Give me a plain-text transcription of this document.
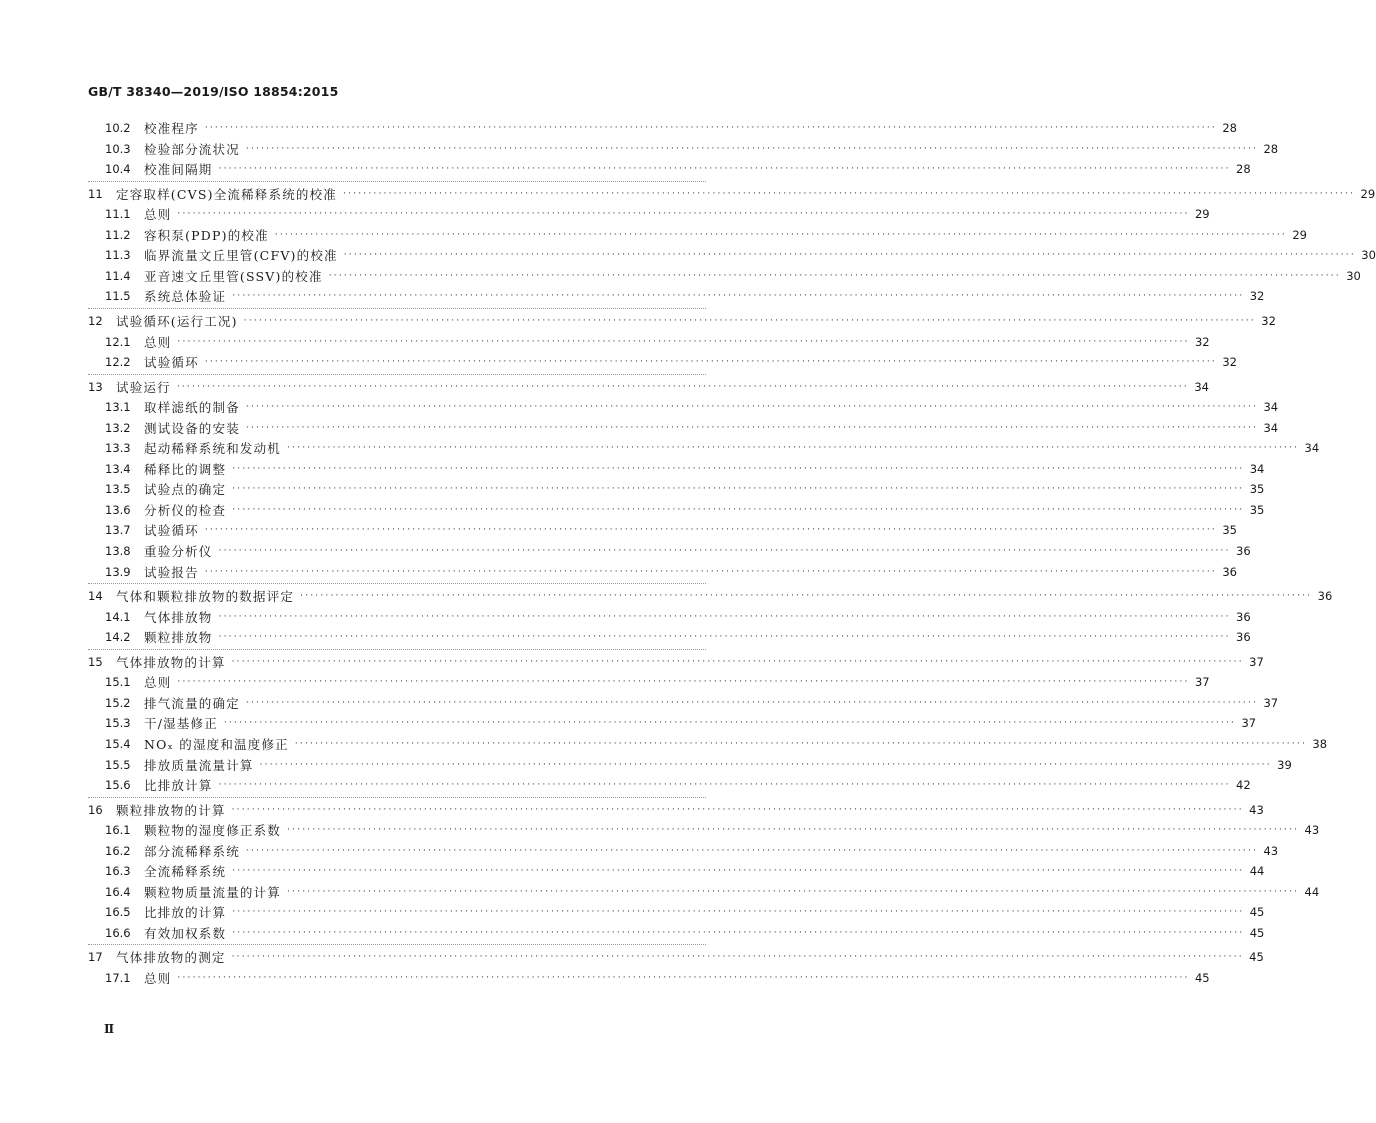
GB/T 38340—2019/ISO 18854:2015
10.2	校准程序 ········································································································································································································ 28
10.3	检验部分流状况 ········································································································································································································ 28
10.4	校准间隔期 ········································································································································································································ 28
11	定容取样(CVS)全流稀释系统的校准 ········································································································································································································ 29
11.1	总则 ········································································································································································································ 29
11.2	容积泵(PDP)的校准 ········································································································································································································ 29
11.3	临界流量文丘里管(CFV)的校准 ········································································································································································································ 30
11.4	亚音速文丘里管(SSV)的校准 ········································································································································································································ 30
11.5	系统总体验证 ········································································································································································································ 32
12	试验循环(运行工况) ········································································································································································································ 32
12.1	总则 ········································································································································································································ 32
12.2	试验循环 ········································································································································································································ 32
13	试验运行 ········································································································································································································ 34
13.1	取样滤纸的制备 ········································································································································································································ 34
13.2	测试设备的安装 ········································································································································································································ 34
13.3	起动稀释系统和发动机 ········································································································································································································ 34
13.4	稀释比的调整 ········································································································································································································ 34
13.5	试验点的确定 ········································································································································································································ 35
13.6	分析仪的检查 ········································································································································································································ 35
13.7	试验循环 ········································································································································································································ 35
13.8	重验分析仪 ········································································································································································································ 36
13.9	试验报告 ········································································································································································································ 36
14	气体和颗粒排放物的数据评定 ········································································································································································································ 36
14.1	气体排放物 ········································································································································································································ 36
14.2	颗粒排放物 ········································································································································································································ 36
15	气体排放物的计算 ········································································································································································································ 37
15.1	总则 ········································································································································································································ 37
15.2	排气流量的确定 ········································································································································································································ 37
15.3	干/湿基修正 ········································································································································································································ 37
15.4	NOₓ 的湿度和温度修正 ········································································································································································································ 38
15.5	排放质量流量计算 ········································································································································································································ 39
15.6	比排放计算 ········································································································································································································ 42
16	颗粒排放物的计算 ········································································································································································································ 43
16.1	颗粒物的湿度修正系数 ········································································································································································································ 43
16.2	部分流稀释系统 ········································································································································································································ 43
16.3	全流稀释系统 ········································································································································································································ 44
16.4	颗粒物质量流量的计算 ········································································································································································································ 44
16.5	比排放的计算 ········································································································································································································ 45
16.6	有效加权系数 ········································································································································································································ 45
17	气体排放物的测定 ········································································································································································································ 45
17.1	总则 ········································································································································································································ 45
Ⅱ
